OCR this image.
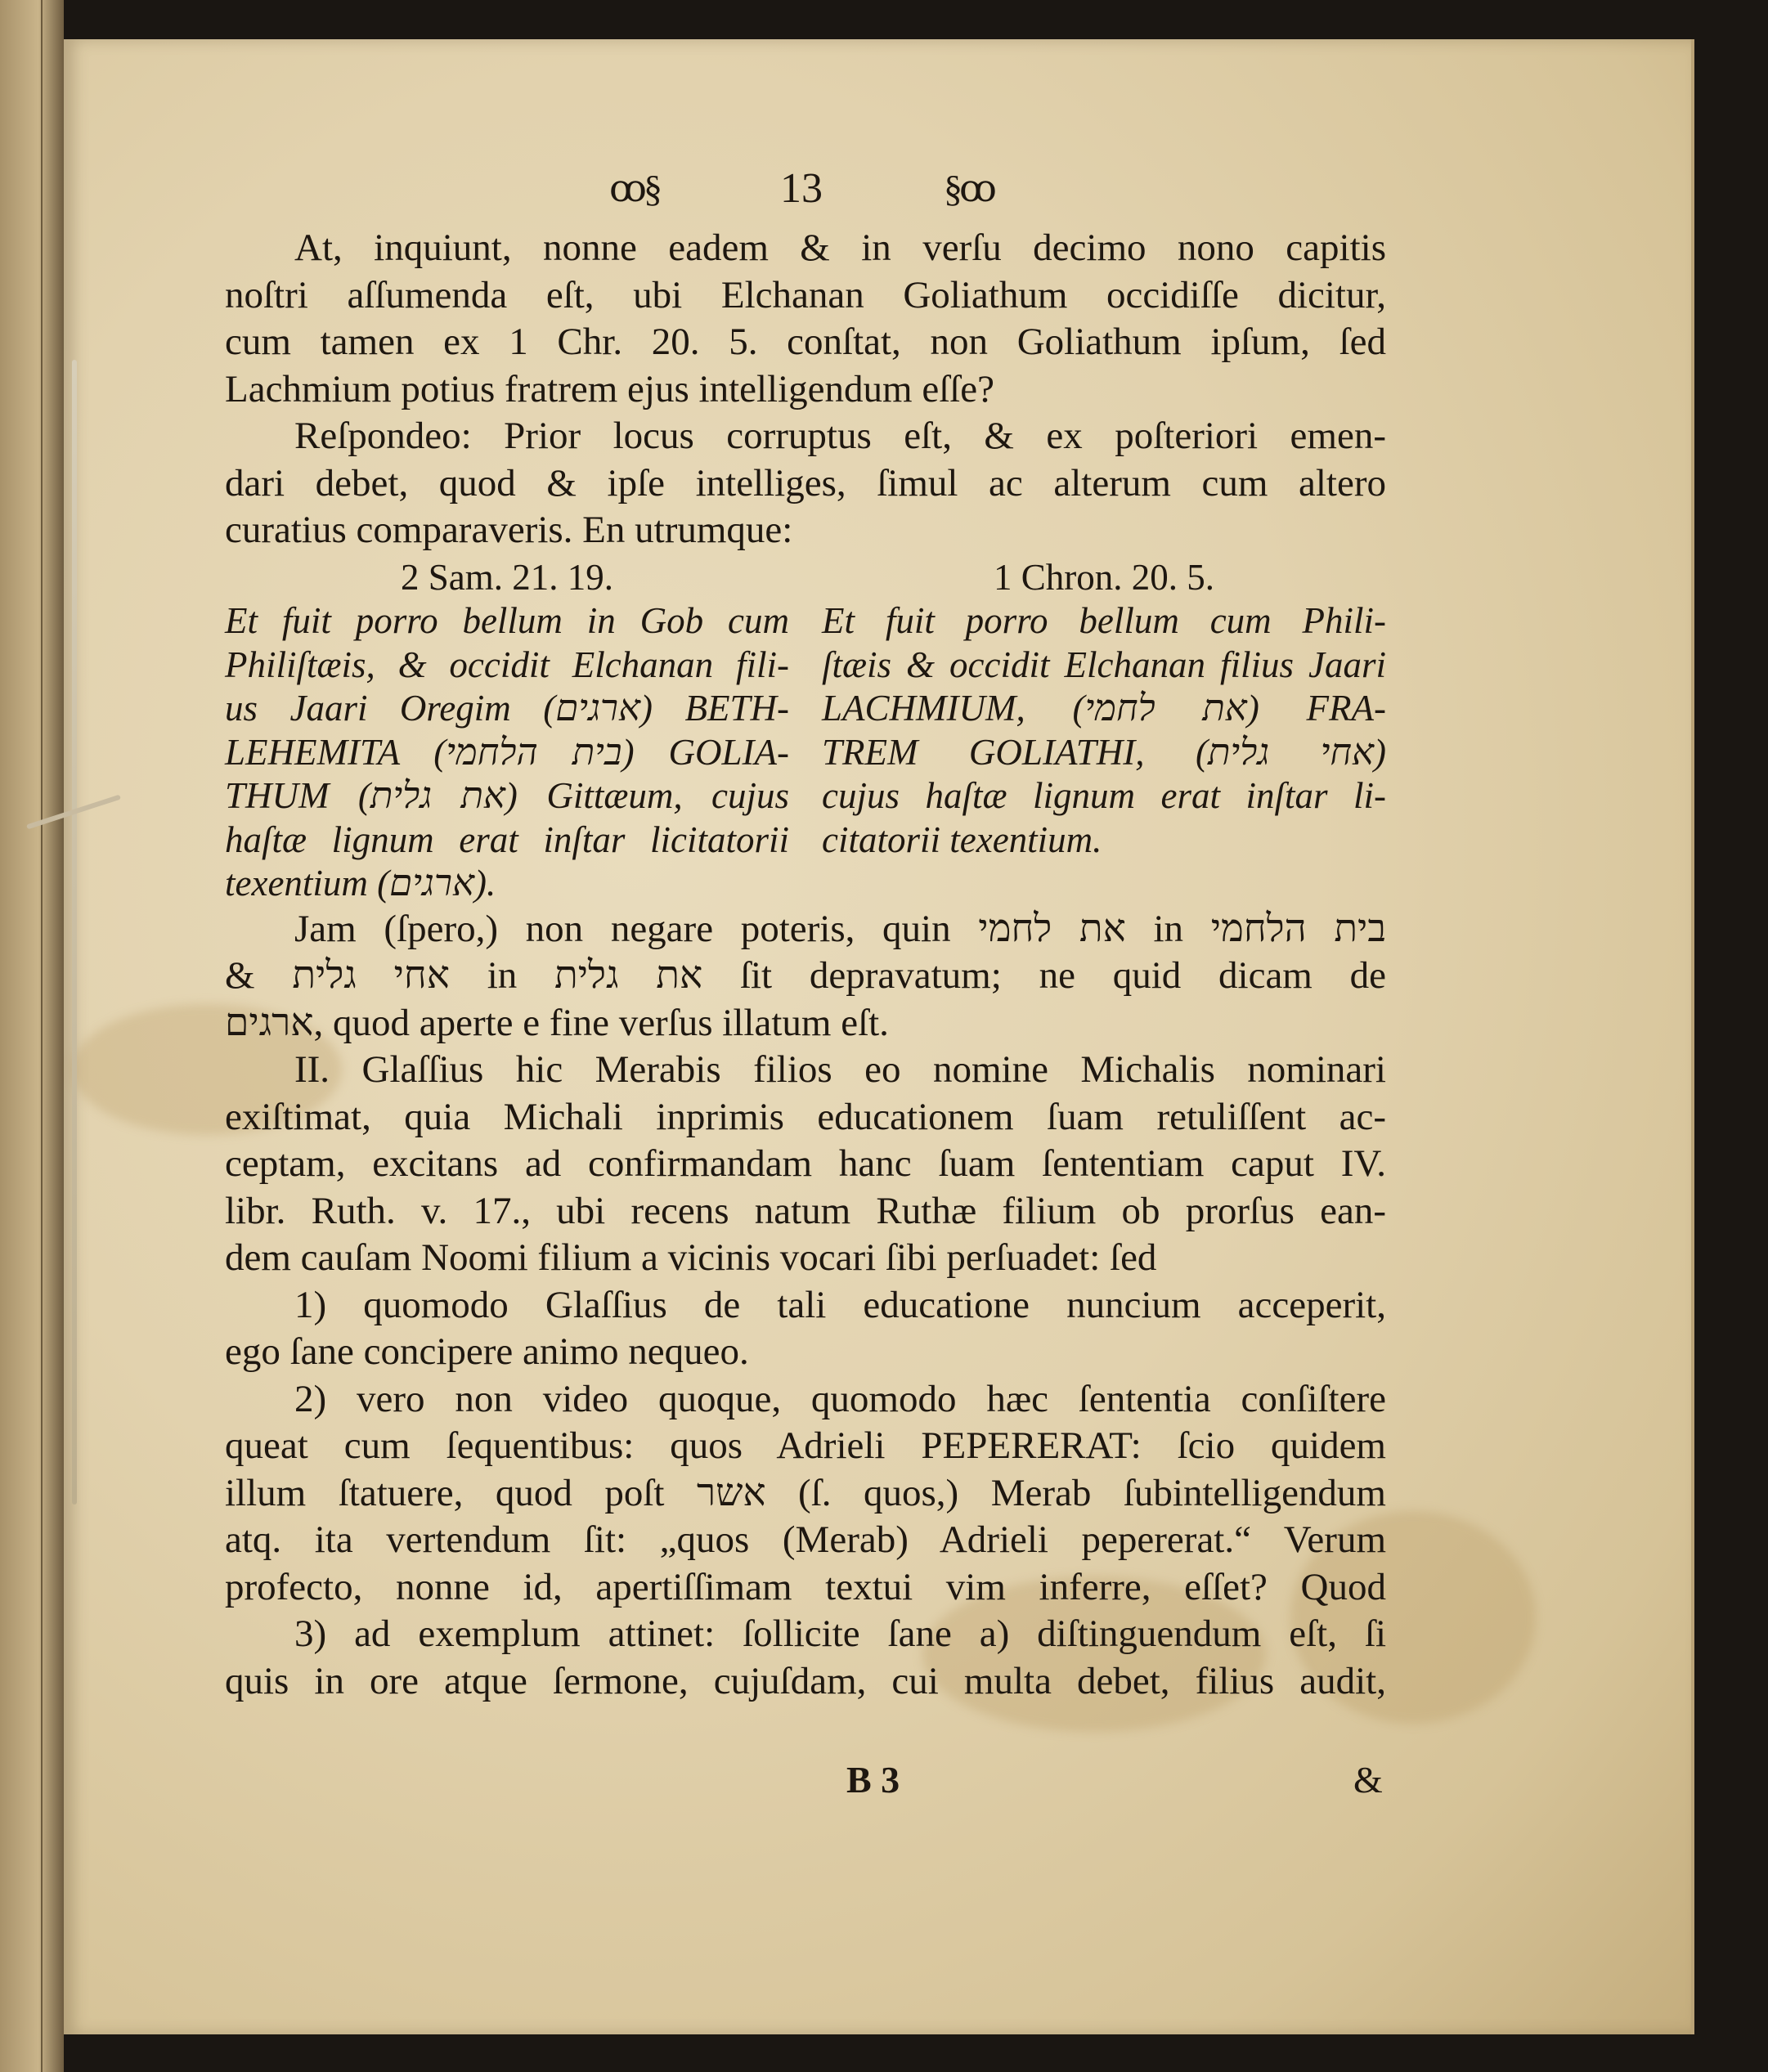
ꝏ§	13	§ꝏ
At, inquiunt, nonne eadem & in verſu decimo nono capitis
noſtri aſſumenda eſt, ubi Elchanan Goliathum occidiſſe dicitur,
cum tamen ex 1 Chr. 20. 5. conſtat, non Goliathum ipſum, ſed
Lachmium potius fratrem ejus intelligendum eſſe?
Reſpondeo: Prior locus corruptus eſt, & ex poſteriori emen-
dari debet, quod & ipſe intelliges, ſimul ac alterum cum altero
curatius comparaveris. En utrumque:
2 Sam. 21. 19.
Et fuit porro bellum in Gob cum
Philiſtæis, & occidit Elchanan fili-
us Jaari Oregim (ארגים) BETH-
LEHEMITA (בית הלחמי) GOLIA-
THUM (את גלית) Gittæum, cujus
haſtæ lignum erat inſtar licitatorii
texentium (ארגים).
1 Chron. 20. 5.
Et fuit porro bellum cum Phili-
ſtæis & occidit Elchanan filius Jaari
LACHMIUM, (את לחמי) FRA-
TREM GOLIATHI, (אחי גלית)
cujus haſtæ lignum erat inſtar li-
citatorii texentium.
Jam (ſpero,) non negare poteris, quin את לחמי in בית הלחמי
& אחי גלית in את גלית ſit depravatum; ne quid dicam de
ארגים, quod aperte e fine verſus illatum eſt.
II. Glaſſius hic Merabis filios eo nomine Michalis nominari
exiſtimat, quia Michali inprimis educationem ſuam retuliſſent ac-
ceptam, excitans ad confirmandam hanc ſuam ſententiam caput IV.
libr. Ruth. v. 17., ubi recens natum Ruthæ filium ob prorſus ean-
dem cauſam Noomi filium a vicinis vocari ſibi perſuadet: ſed
1) quomodo Glaſſius de tali educatione nuncium acceperit,
ego ſane concipere animo nequeo.
2) vero non video quoque, quomodo hæc ſententia conſiſtere
queat cum ſequentibus: quos Adrieli PEPERERAT: ſcio quidem
illum ſtatuere, quod poſt אשר (ſ. quos,) Merab ſubintelligendum
atq. ita vertendum ſit: „quos (Merab) Adrieli pepererat.“ Verum
profecto, nonne id, apertiſſimam textui vim inferre, eſſet? Quod
3) ad exemplum attinet: ſollicite ſane a) diſtinguendum eſt, ſi
quis in ore atque ſermone, cujuſdam, cui multa debet, filius audit,
B 3	&
